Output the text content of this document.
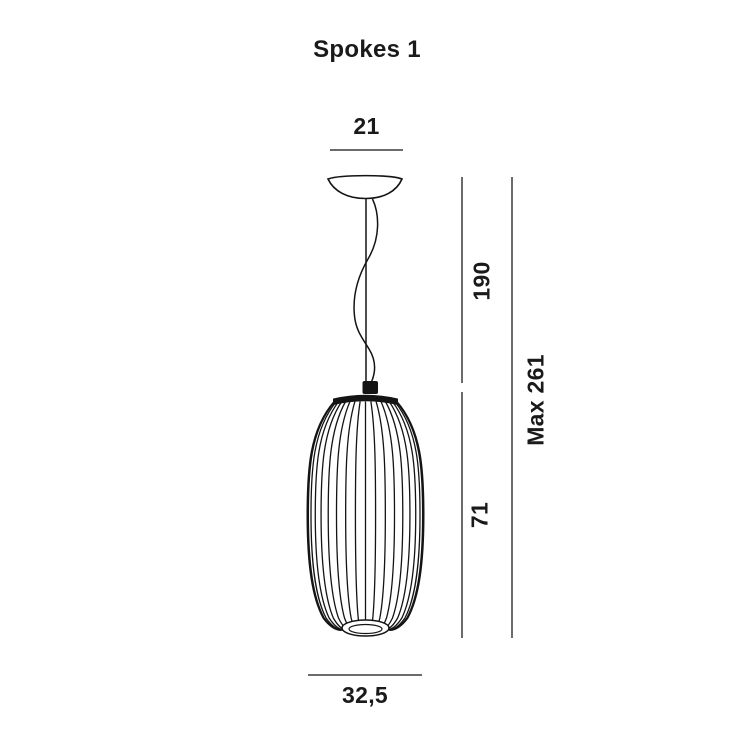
Spokes 1
21
190
Max 261
71
32,5
